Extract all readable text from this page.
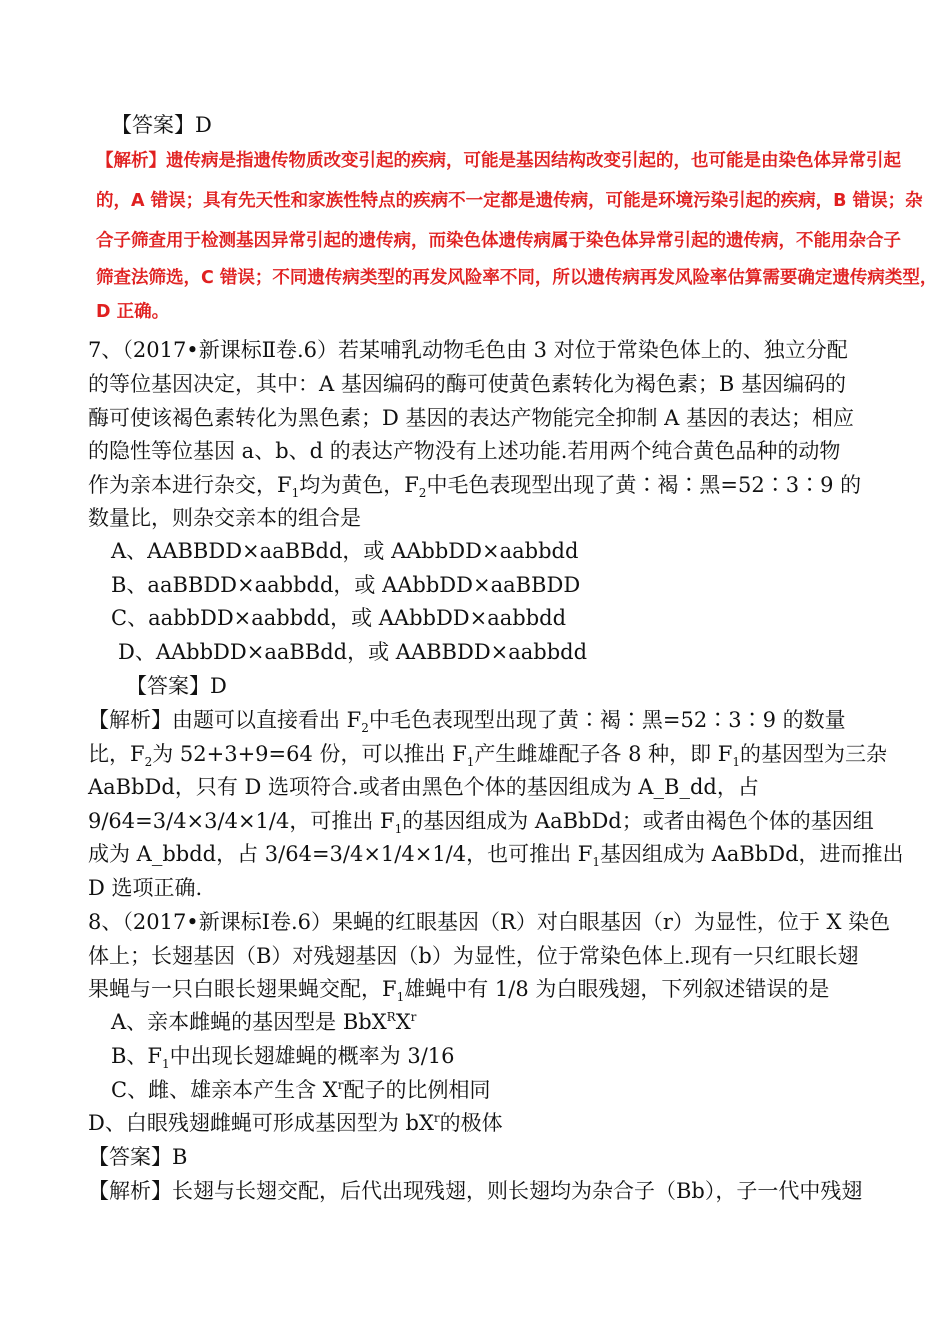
【答案】D
【解析】遗传病是指遗传物质改变引起的疾病，可能是基因结构改变引起的，也可能是由染色体异常引起
的，A 错误；具有先天性和家族性特点的疾病不一定都是遗传病，可能是环境污染引起的疾病，B 错误；杂
合子筛查用于检测基因异常引起的遗传病，而染色体遗传病属于染色体异常引起的遗传病，不能用杂合子
筛查法筛选，C 错误；不同遗传病类型的再发风险率不同，所以遗传病再发风险率估算需要确定遗传病类型，
D 正确。
7、（2017•新课标Ⅱ卷.6）若某哺乳动物毛色由 3 对位于常染色体上的、独立分配
的等位基因决定，其中：A 基因编码的酶可使黄色素转化为褐色素；B 基因编码的
酶可使该褐色素转化为黑色素；D 基因的表达产物能完全抑制 A 基因的表达；相应
的隐性等位基因 a、b、d 的表达产物没有上述功能.若用两个纯合黄色品种的动物
作为亲本进行杂交，$F_1$均为黄色，$F_2$中毛色表现型出现了黄∶褐∶黑=52∶3∶9 的
数量比，则杂交亲本的组合是
A、AABBDD×aaBBdd，或 AAbbDD×aabbdd
B、aaBBDD×aabbdd，或 AAbbDD×aaBBDD
C、aabbDD×aabbdd，或 AAbbDD×aabbdd
D、AAbbDD×aaBBdd，或 AABBDD×aabbdd
【答案】D
【解析】由题可以直接看出 $F_2$中毛色表现型出现了黄∶褐∶黑=52∶3∶9 的数量
比，$F_2$为 52+3+9=64 份，可以推出 $F_1$产生雌雄配子各 8 种，即 $F_1$的基因型为三杂
AaBbDd，只有 D 选项符合.或者由黑色个体的基因组成为 A_B_dd，占
9/64=3/4×3/4×1/4，可推出 $F_1$的基因组成为 AaBbDd；或者由褐色个体的基因组
成为 A_bbdd，占 3/64=3/4×1/4×1/4，也可推出 $F_1$基因组成为 AaBbDd，进而推出
D 选项正确.
8、（2017•新课标Ⅰ卷.6）果蝇的红眼基因（R）对白眼基因（r）为显性，位于 X 染色
体上；长翅基因（B）对残翅基因（b）为显性，位于常染色体上.现有一只红眼长翅
果蝇与一只白眼长翅果蝇交配，$F_1$雄蝇中有 1/8 为白眼残翅，下列叙述错误的是
A、亲本雌蝇的基因型是 $BbX^RX^r$
B、$F_1$中出现长翅雄蝇的概率为 3/16
C、雌、雄亲本产生含 $X^r$配子的比例相同
D、白眼残翅雌蝇可形成基因型为 $bX^r$的极体
【答案】B
【解析】长翅与长翅交配，后代出现残翅，则长翅均为杂合子（Bb），子一代中残翅
